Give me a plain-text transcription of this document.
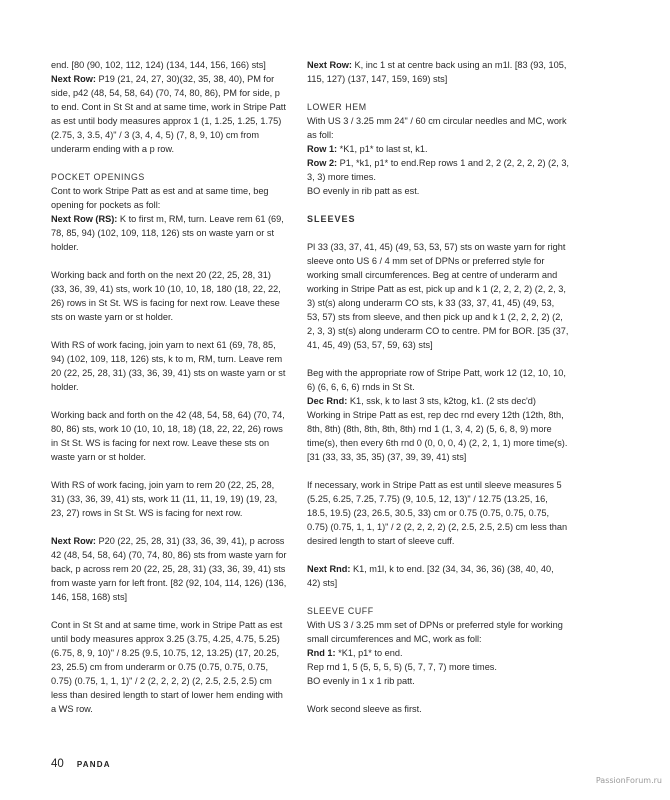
end. [80 (90, 102, 112, 124) (134, 144, 156, 166) sts]
Next Row: P19 (21, 24, 27, 30)(32, 35, 38, 40), PM for side, p42 (48, 54, 58, 64) (70, 74, 80, 86), PM for side, p to end. Cont in St St and at same time, work in Stripe Patt as est until body measures approx 1 (1, 1.25, 1.25, 1.75) (2.75, 3, 3.5, 4)" / 3 (3, 4, 4, 5) (7, 8, 9, 10) cm from underarm ending with a p row.

POCKET OPENINGS

Cont to work Stripe Patt as est and at same time, beg opening for pockets as foll:
Next Row (RS): K to first m, RM, turn. Leave rem 61 (69, 78, 85, 94) (102, 109, 118, 126) sts on waste yarn or st holder.

Working back and forth on the next 20 (22, 25, 28, 31) (33, 36, 39, 41) sts, work 10 (10, 10, 18, 180 (18, 22, 22, 26) rows in St St. WS is facing for next row. Leave these sts on waste yarn or st holder.

With RS of work facing, join yarn to next 61 (69, 78, 85, 94) (102, 109, 118, 126) sts, k to m, RM, turn. Leave rem 20 (22, 25, 28, 31) (33, 36, 39, 41) sts on waste yarn or st holder.

Working back and forth on the 42 (48, 54, 58, 64) (70, 74, 80, 86) sts, work 10 (10, 10, 18, 18) (18, 22, 22, 26) rows in St St. WS is facing for next row. Leave these sts on waste yarn or st holder.

With RS of work facing, join yarn to rem 20 (22, 25, 28, 31) (33, 36, 39, 41) sts, work 11 (11, 11, 19, 19) (19, 23, 23, 27) rows in St St. WS is facing for next row.

Next Row: P20 (22, 25, 28, 31) (33, 36, 39, 41), p across 42 (48, 54, 58, 64) (70, 74, 80, 86) sts from waste yarn for back, p across rem 20 (22, 25, 28, 31) (33, 36, 39, 41) sts from waste yarn for left front. [82 (92, 104, 114, 126) (136, 146, 158, 168) sts]

Cont in St St and at same time, work in Stripe Patt as est until body measures approx 3.25 (3.75, 4.25, 4.75, 5.25) (6.75, 8, 9, 10)" / 8.25 (9.5, 10.75, 12, 13.25) (17, 20.25, 23, 25.5) cm from underarm or 0.75 (0.75, 0.75, 0.75, 0.75) (0.75, 1, 1, 1)" / 2 (2, 2, 2, 2) (2, 2.5, 2.5, 2.5) cm less than desired length to start of lower hem ending with a WS row.

Next Row: K, inc 1 st at centre back using an m1l. [83 (93, 105, 115, 127) (137, 147, 159, 169) sts]

LOWER HEM

With US 3 / 3.25 mm 24" / 60 cm circular needles and MC, work as foll:
Row 1: *K1, p1* to last st, k1.
Row 2: P1, *k1, p1* to end.Rep rows 1 and 2, 2 (2, 2, 2, 2) (2, 3, 3, 3) more times.
BO evenly in rib patt as est.

SLEEVES

Pl 33 (33, 37, 41, 45) (49, 53, 53, 57) sts on waste yarn for right sleeve onto US 6 / 4 mm set of DPNs or preferred style for working small circumferences. Beg at centre of underarm and working in Stripe Patt as est, pick up and k 1 (2, 2, 2, 2) (2, 2, 3, 3) st(s) along underarm CO sts, k 33 (33, 37, 41, 45) (49, 53, 53, 57) sts from sleeve, and then pick up and k 1 (2, 2, 2, 2) (2, 2, 3, 3) st(s) along underarm CO to centre. PM for BOR. [35 (37, 41, 45, 49) (53, 57, 59, 63) sts]

Beg with the appropriate row of Stripe Patt, work 12 (12, 10, 10, 6) (6, 6, 6, 6) rnds in St St.
Dec Rnd: K1, ssk, k to last 3 sts, k2tog, k1. (2 sts dec'd) Working in Stripe Patt as est, rep dec rnd every 12th (12th, 8th, 8th, 8th) (8th, 8th, 8th, 8th) rnd 1 (1, 3, 4, 2) (5, 6, 8, 9) more time(s), then every 6th rnd 0 (0, 0, 0, 4) (2, 2, 1, 1) more time(s). [31 (33, 33, 35, 35) (37, 39, 39, 41) sts]

If necessary, work in Stripe Patt as est until sleeve measures 5 (5.25, 6.25, 7.25, 7.75) (9, 10.5, 12, 13)" / 12.75 (13.25, 16, 18.5, 19.5) (23, 26.5, 30.5, 33) cm or 0.75 (0.75, 0.75, 0.75, 0.75) (0.75, 1, 1, 1)" / 2 (2, 2, 2, 2) (2, 2.5, 2.5, 2.5) cm less than desired length to start of sleeve cuff.

Next Rnd: K1, m1l, k to end. [32 (34, 34, 36, 36) (38, 40, 40, 42) sts]

SLEEVE CUFF

With US 3 / 3.25 mm set of DPNs or preferred style for working small circumferences and MC, work as foll:
Rnd 1: *K1, p1* to end.
Rep rnd 1, 5 (5, 5, 5, 5) (5, 7, 7, 7) more times.
BO evenly in 1 x 1 rib patt.

Work second sleeve as first.

40 PANDA
PassionForum.ru
